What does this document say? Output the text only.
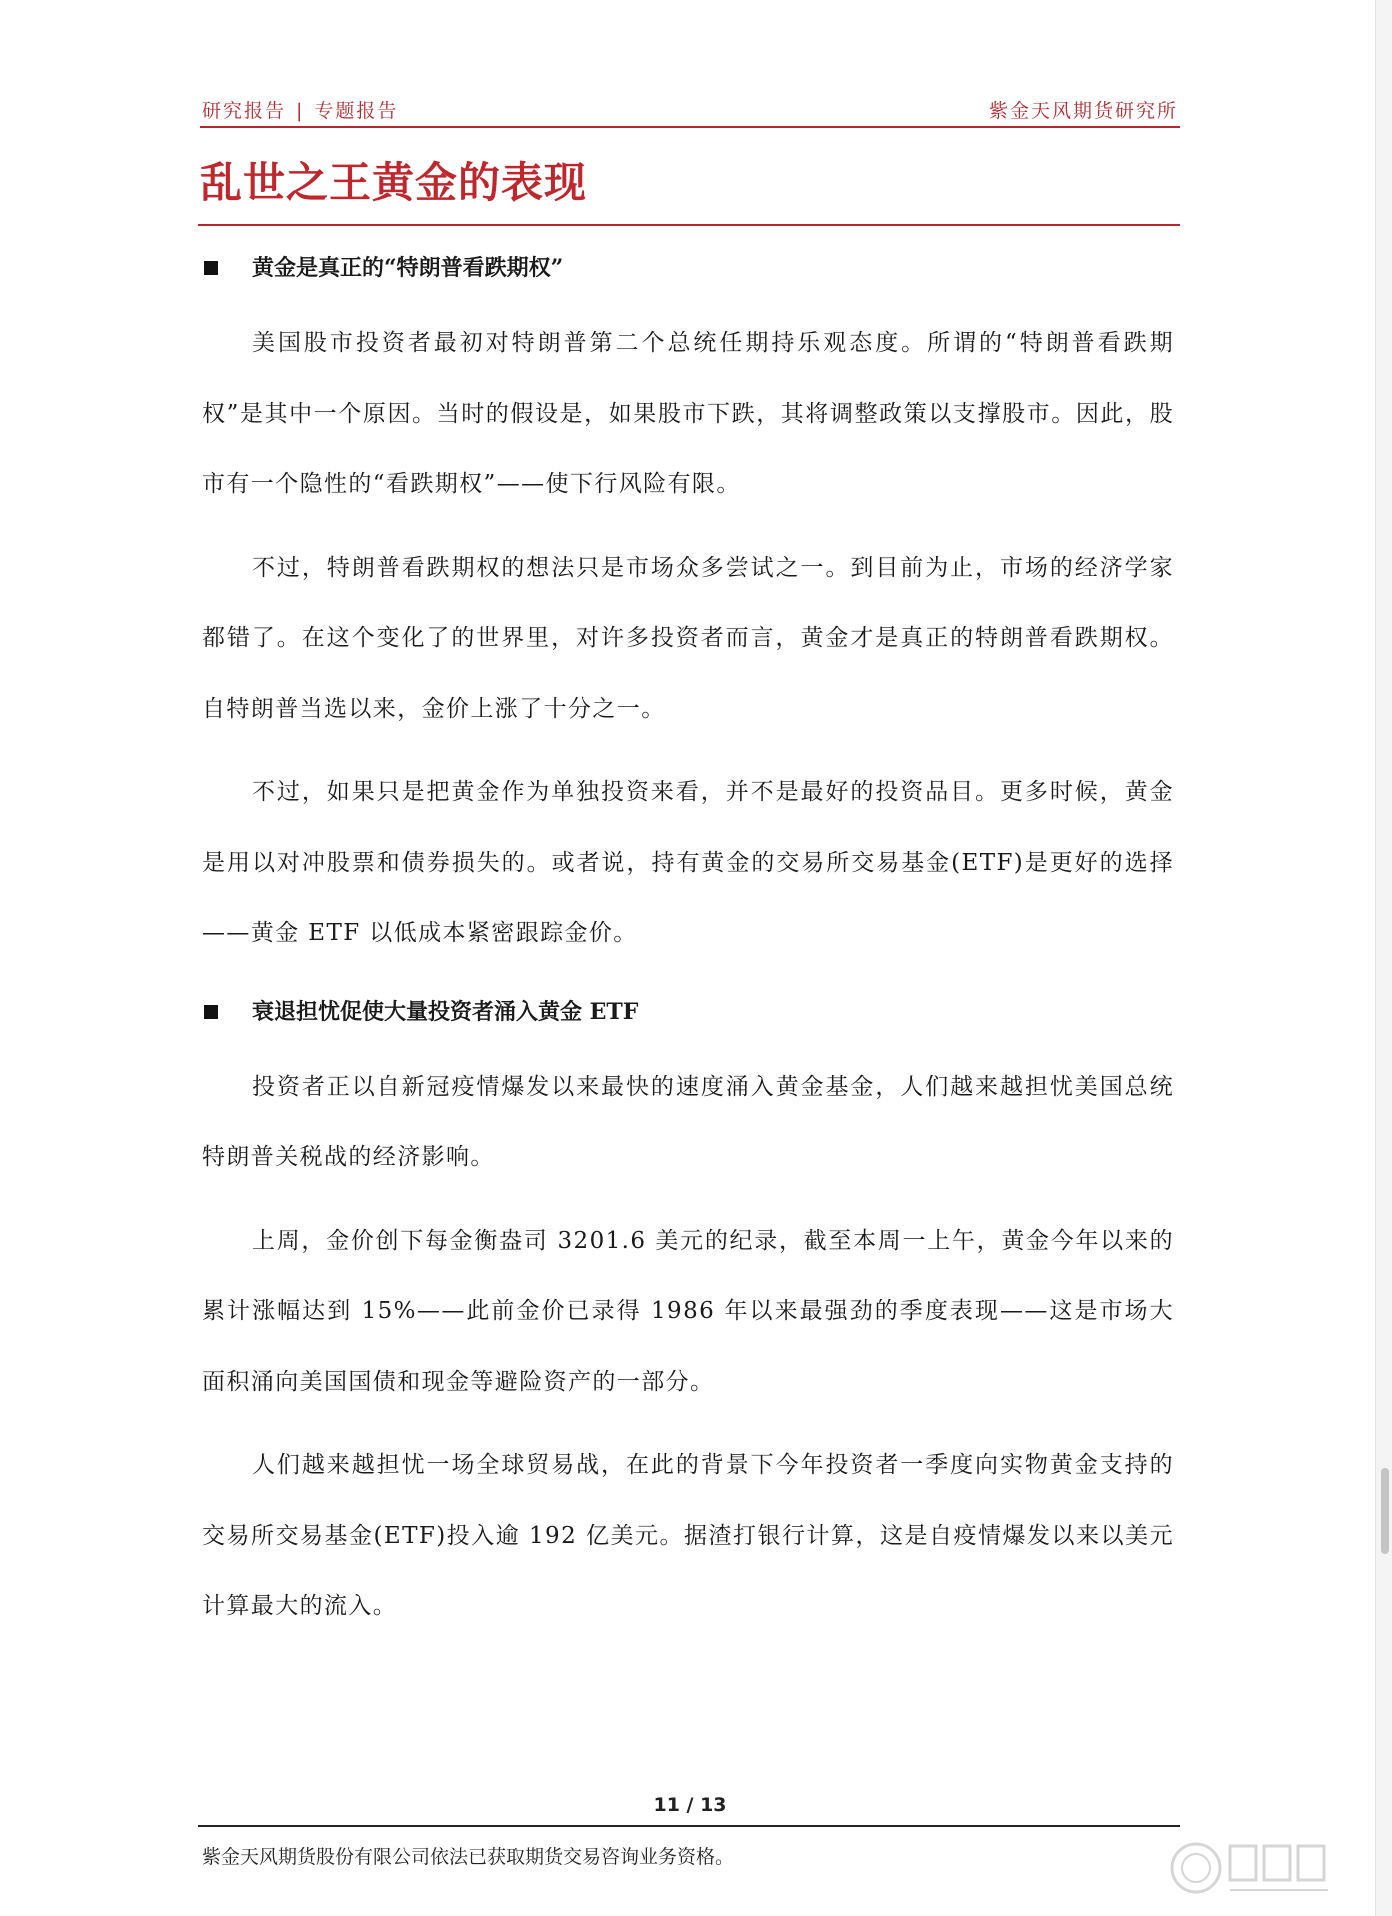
研究报告 | 专题报告	紫金天风期货研究所
乱世之王黄金的表现
黄金是真正的“特朗普看跌期权”

美国股市投资者最初对特朗普第二个总统任期持乐观态度。所谓的“特朗普看跌期权”是其中一个原因。当时的假设是，如果股市下跌，其将调整政策以支撑股市。因此，股市有一个隐性的“看跌期权”——使下行风险有限。

不过，特朗普看跌期权的想法只是市场众多尝试之一。到目前为止，市场的经济学家都错了。在这个变化了的世界里，对许多投资者而言，黄金才是真正的特朗普看跌期权。自特朗普当选以来，金价上涨了十分之一。

不过，如果只是把黄金作为单独投资来看，并不是最好的投资品目。更多时候，黄金是用以对冲股票和债券损失的。或者说，持有黄金的交易所交易基金(ETF)是更好的选择——黄金 ETF 以低成本紧密跟踪金价。

衰退担忧促使大量投资者涌入黄金 ETF

投资者正以自新冠疫情爆发以来最快的速度涌入黄金基金，人们越来越担忧美国总统特朗普关税战的经济影响。

上周，金价创下每金衡盎司 3201.6 美元的纪录，截至本周一上午，黄金今年以来的累计涨幅达到 15%——此前金价已录得 1986 年以来最强劲的季度表现——这是市场大面积涌向美国国债和现金等避险资产的一部分。

人们越来越担忧一场全球贸易战，在此的背景下今年投资者一季度向实物黄金支持的交易所交易基金(ETF)投入逾 192 亿美元。据渣打银行计算，这是自疫情爆发以来以美元计算最大的流入。

11 / 13
紫金天风期货股份有限公司依法已获取期货交易咨询业务资格。
